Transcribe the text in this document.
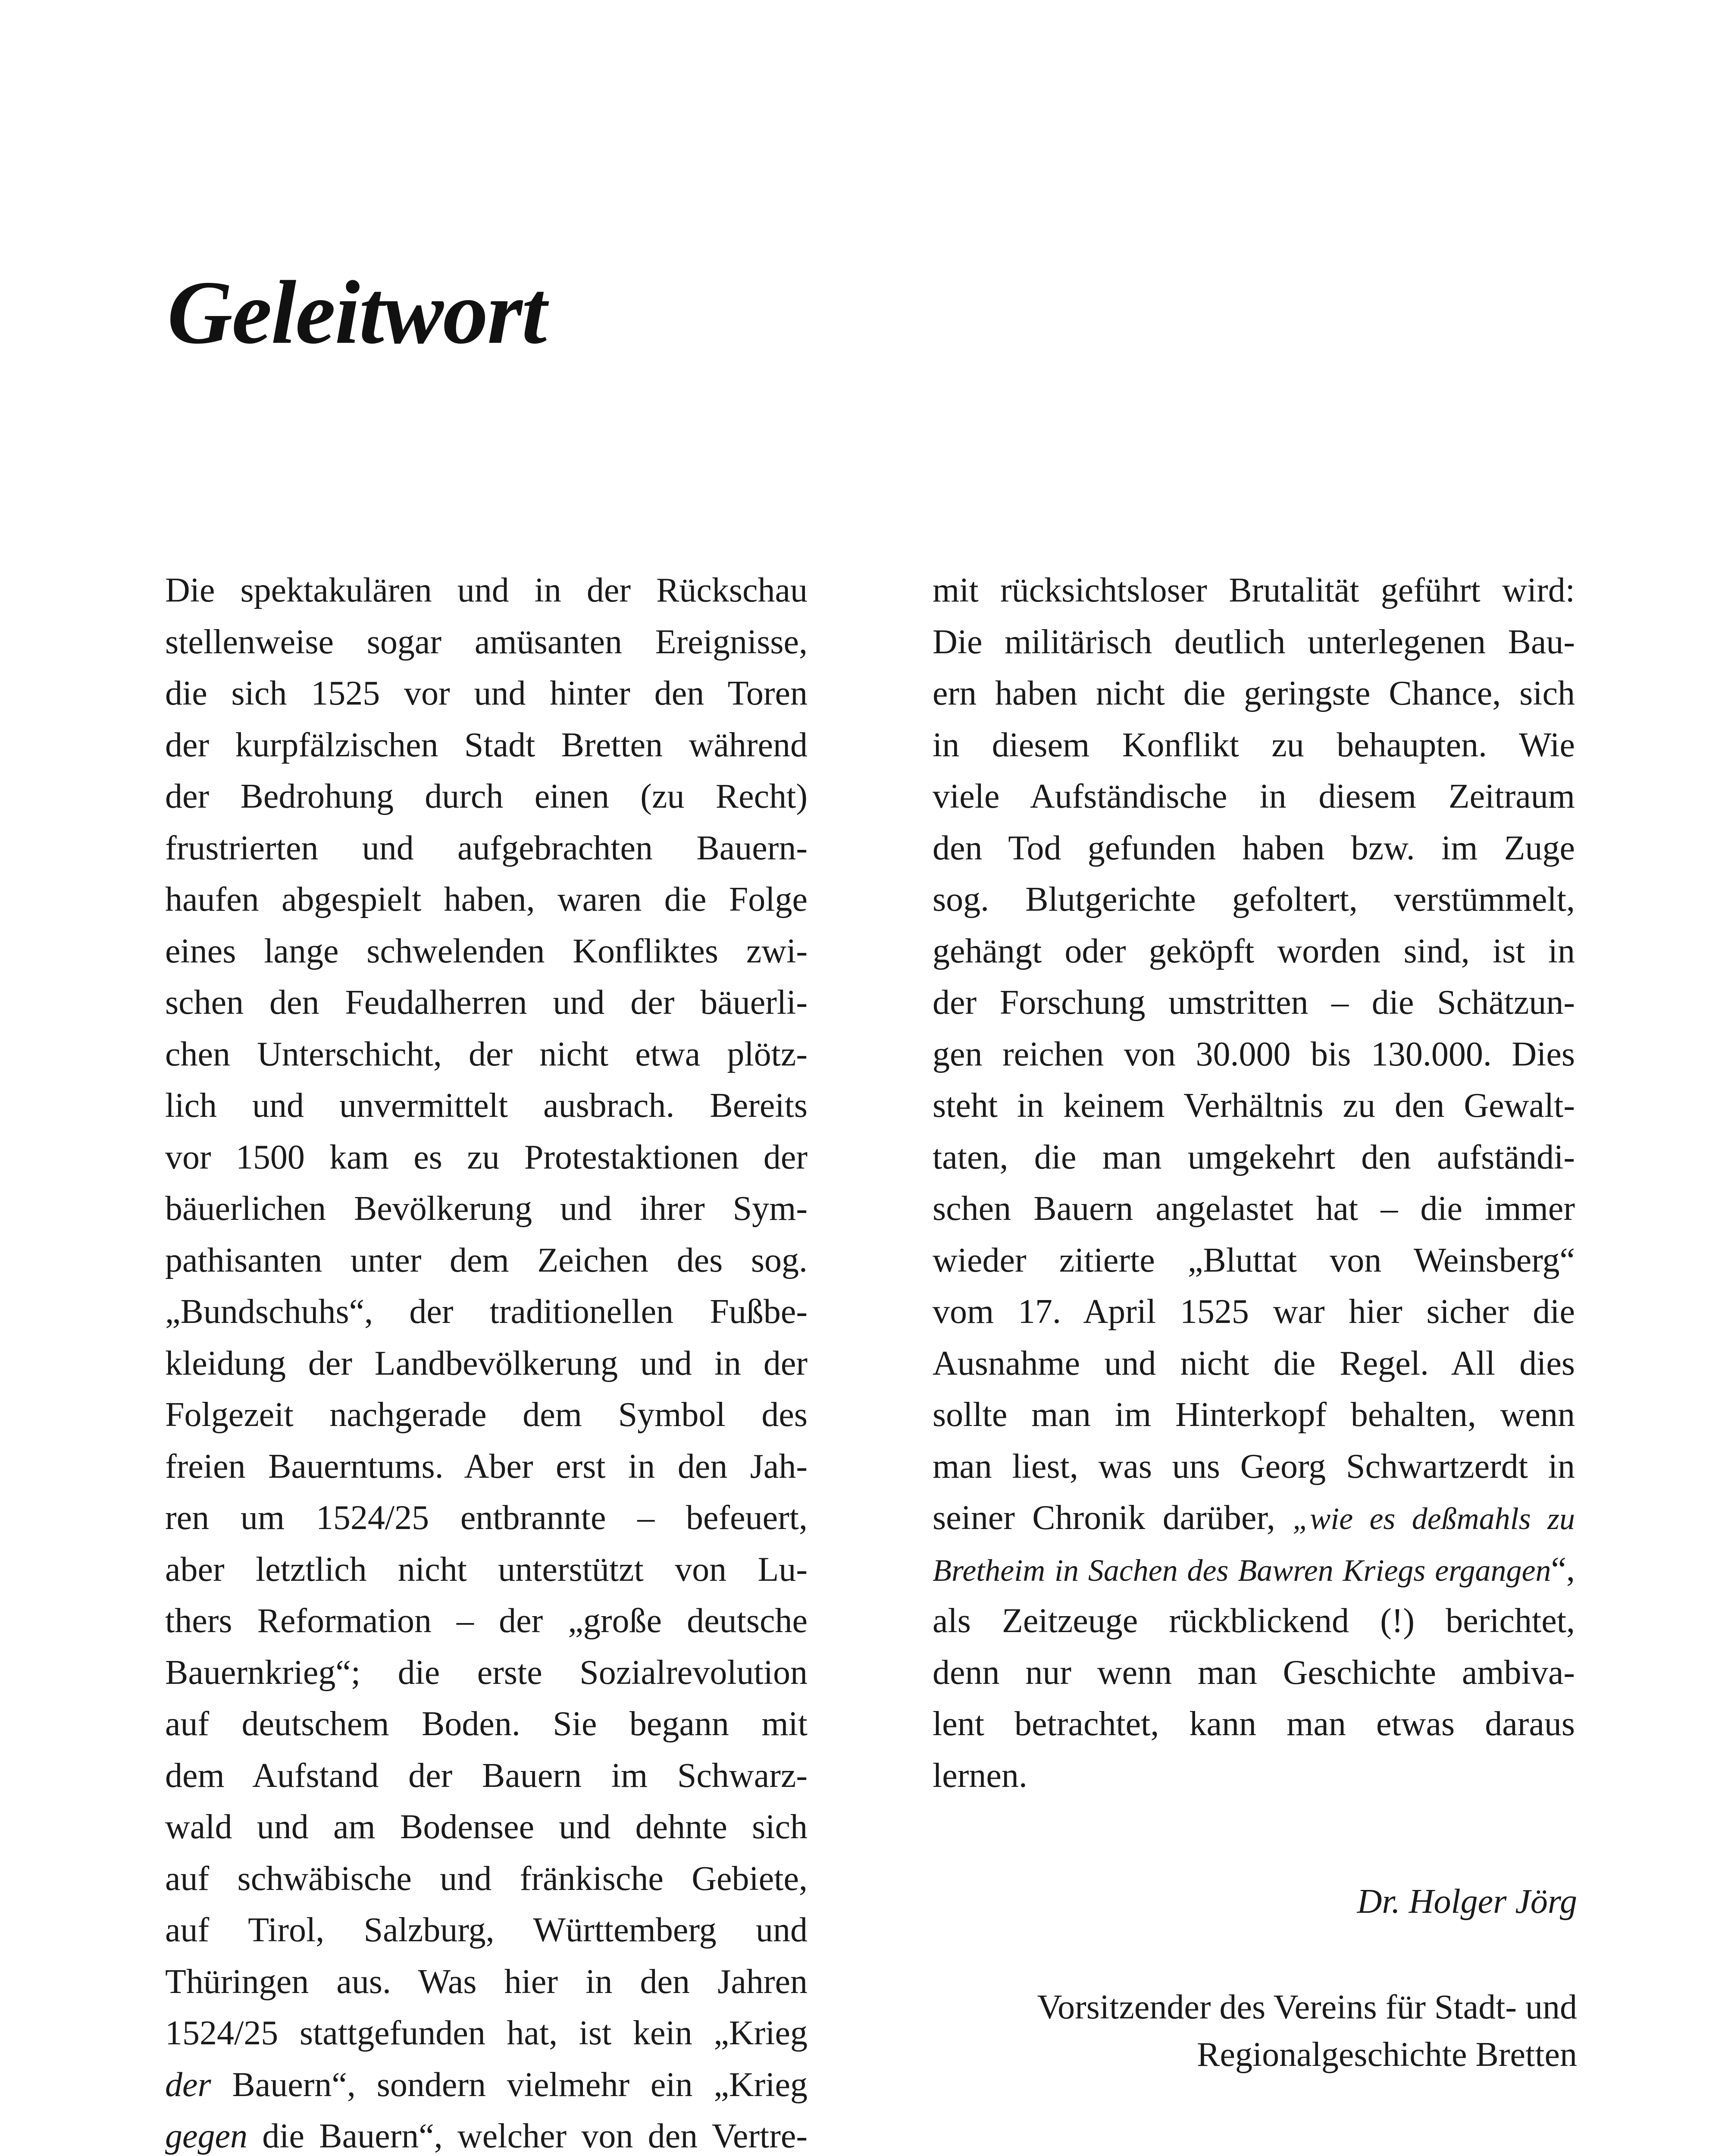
Geleitwort
Die spektakulären und in der Rückschau
stellenweise sogar amüsanten Ereignisse,
die sich 1525 vor und hinter den Toren
der kurpfälzischen Stadt Bretten während
der Bedrohung durch einen (zu Recht)
frustrierten und aufgebrachten Bauern-
haufen abgespielt haben, waren die Folge
eines lange schwelenden Konfliktes zwi-
schen den Feudalherren und der bäuerli-
chen Unterschicht, der nicht etwa plötz-
lich und unvermittelt ausbrach. Bereits
vor 1500 kam es zu Protestaktionen der
bäuerlichen Bevölkerung und ihrer Sym-
pathisanten unter dem Zeichen des sog.
„Bundschuhs“, der traditionellen Fußbe-
kleidung der Landbevölkerung und in der
Folgezeit nachgerade dem Symbol des
freien Bauerntums. Aber erst in den Jah-
ren um 1524/25 entbrannte – befeuert,
aber letztlich nicht unterstützt von Lu-
thers Reformation – der „große deutsche
Bauernkrieg“; die erste Sozialrevolution
auf deutschem Boden. Sie begann mit
dem Aufstand der Bauern im Schwarz-
wald und am Bodensee und dehnte sich
auf schwäbische und fränkische Gebiete,
auf Tirol, Salzburg, Württemberg und
Thüringen aus. Was hier in den Jahren
1524/25 stattgefunden hat, ist kein „Krieg
der Bauern“, sondern vielmehr ein „Krieg
gegen die Bauern“, welcher von den Vertre-
mit rücksichtsloser Brutalität geführt wird:
Die militärisch deutlich unterlegenen Bau-
ern haben nicht die geringste Chance, sich
in diesem Konflikt zu behaupten. Wie
viele Aufständische in diesem Zeitraum
den Tod gefunden haben bzw. im Zuge
sog. Blutgerichte gefoltert, verstümmelt,
gehängt oder geköpft worden sind, ist in
der Forschung umstritten – die Schätzun-
gen reichen von 30.000 bis 130.000. Dies
steht in keinem Verhältnis zu den Gewalt-
taten, die man umgekehrt den aufständi-
schen Bauern angelastet hat – die immer
wieder zitierte „Bluttat von Weinsberg“
vom 17. April 1525 war hier sicher die
Ausnahme und nicht die Regel. All dies
sollte man im Hinterkopf behalten, wenn
man liest, was uns Georg Schwartzerdt in
seiner Chronik darüber, „wie es deßmahls zu
Bretheim in Sachen des Bawren Kriegs ergangen“,
als Zeitzeuge rückblickend (!) berichtet,
denn nur wenn man Geschichte ambiva-
lent betrachtet, kann man etwas daraus
lernen.
Dr. Holger Jörg
Vorsitzender des Vereins für Stadt- und
Regionalgeschichte Bretten
